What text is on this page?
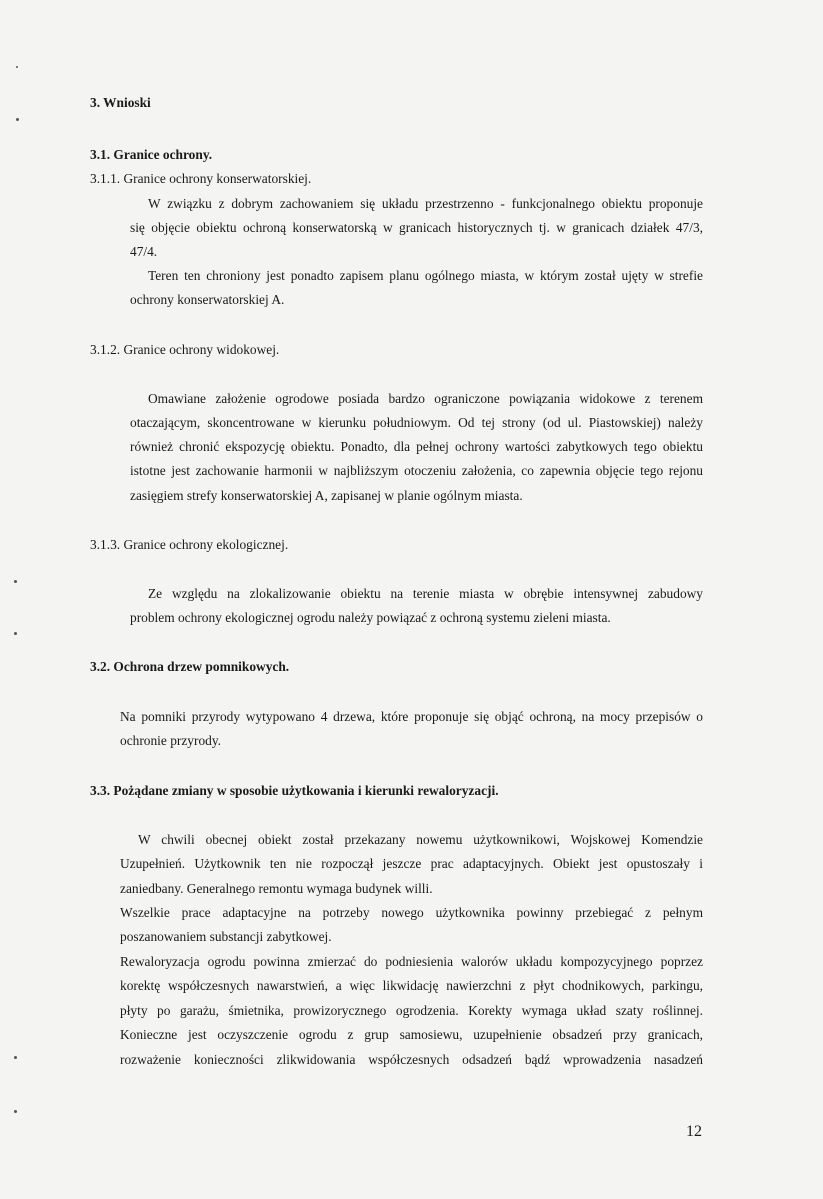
3. Wnioski
3.1. Granice ochrony.
3.1.1. Granice ochrony konserwatorskiej.
W związku z dobrym zachowaniem się układu przestrzenno - funkcjonalnego obiektu proponuje
się objęcie obiektu ochroną konserwatorską w granicach historycznych tj. w granicach działek 47/3,
47/4.
Teren ten chroniony jest ponadto zapisem planu ogólnego miasta, w którym został ujęty w strefie
ochrony konserwatorskiej A.
3.1.2. Granice ochrony widokowej.
Omawiane założenie ogrodowe posiada bardzo ograniczone powiązania widokowe z terenem
otaczającym, skoncentrowane w kierunku południowym. Od tej strony (od ul. Piastowskiej) należy
również chronić ekspozycję obiektu. Ponadto, dla pełnej ochrony wartości zabytkowych tego obiektu
istotne jest zachowanie harmonii w najbliższym otoczeniu założenia, co zapewnia objęcie tego rejonu
zasięgiem strefy konserwatorskiej A, zapisanej w planie ogólnym miasta.
3.1.3. Granice ochrony ekologicznej.
Ze względu na zlokalizowanie obiektu na terenie miasta w obrębie intensywnej zabudowy
problem ochrony ekologicznej ogrodu należy powiązać z ochroną systemu zieleni miasta.
3.2. Ochrona drzew pomnikowych.
Na pomniki przyrody wytypowano 4 drzewa, które proponuje się objąć ochroną, na mocy przepisów o
ochronie przyrody.
3.3. Pożądane zmiany w sposobie użytkowania i kierunki rewaloryzacji.
W chwili obecnej obiekt został przekazany nowemu użytkownikowi, Wojskowej Komendzie
Uzupełnień. Użytkownik ten nie rozpoczął jeszcze prac adaptacyjnych. Obiekt jest opustoszały i
zaniedbany. Generalnego remontu wymaga budynek willi.
Wszelkie prace adaptacyjne na potrzeby nowego użytkownika powinny przebiegać z pełnym
poszanowaniem substancji zabytkowej.
Rewaloryzacja ogrodu powinna zmierzać do podniesienia walorów układu kompozycyjnego poprzez
korektę współczesnych nawarstwień, a więc likwidację nawierzchni z płyt chodnikowych, parkingu,
płyty po garażu, śmietnika, prowizorycznego ogrodzenia. Korekty wymaga układ szaty roślinnej.
Konieczne jest oczyszczenie ogrodu z grup samosiewu, uzupełnienie obsadzeń przy granicach,
rozważenie konieczności zlikwidowania współczesnych odsadzeń bądź wprowadzenia nasadzeń
12
